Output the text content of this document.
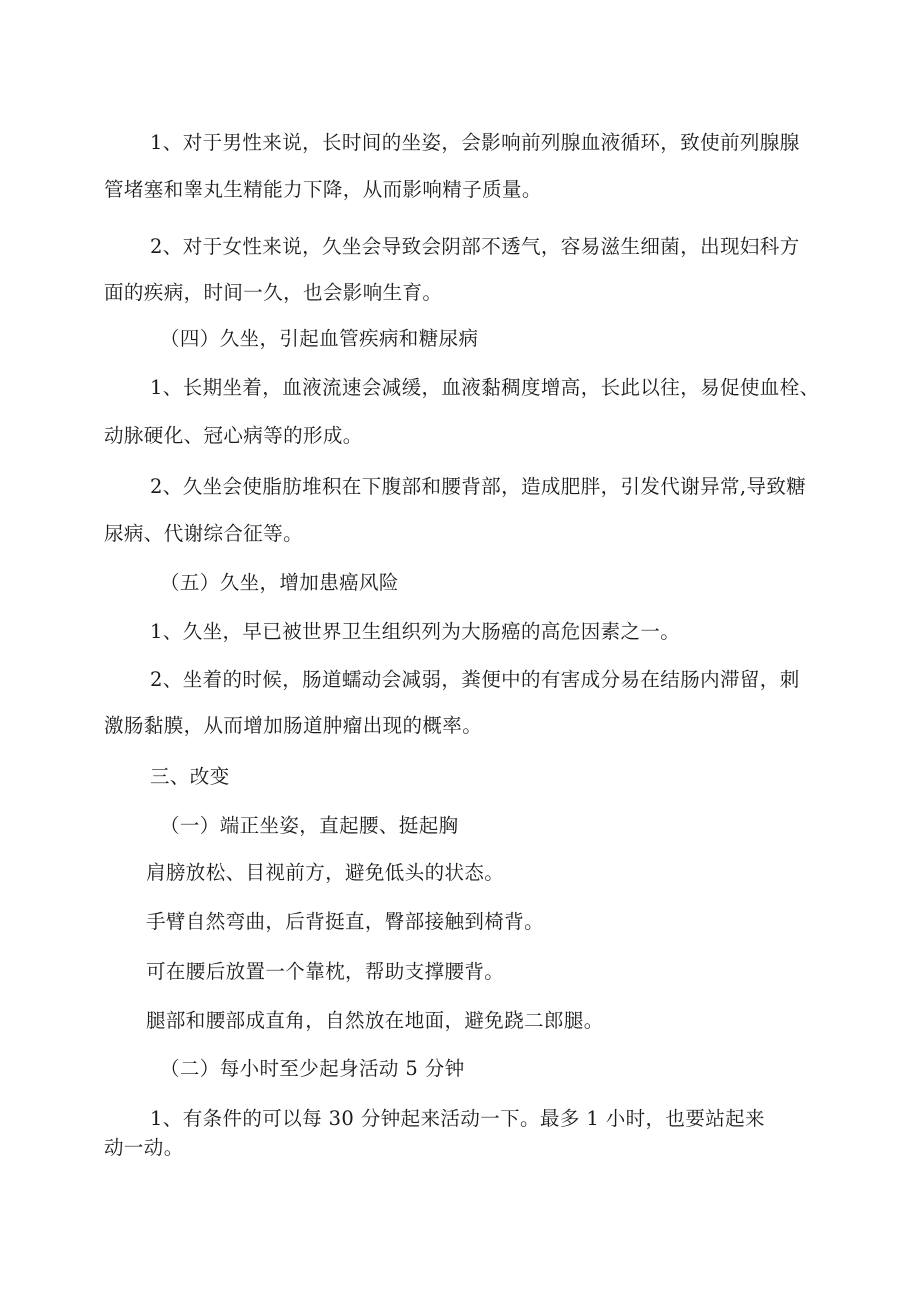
1、对于男性来说，长时间的坐姿，会影响前列腺血液循环，致使前列腺腺
管堵塞和睾丸生精能力下降，从而影响精子质量。
2、对于女性来说，久坐会导致会阴部不透气，容易滋生细菌，出现妇科方
面的疾病，时间一久，也会影响生育。
（四）久坐，引起血管疾病和糖尿病
1、长期坐着，血液流速会减缓，血液黏稠度增高，长此以往，易促使血栓、
动脉硬化、冠心病等的形成。
2、久坐会使脂肪堆积在下腹部和腰背部，造成肥胖，引发代谢异常,导致糖
尿病、代谢综合征等。
（五）久坐，增加患癌风险
1、久坐，早已被世界卫生组织列为大肠癌的高危因素之一。
2、坐着的时候，肠道蠕动会减弱，粪便中的有害成分易在结肠内滞留，刺
激肠黏膜，从而增加肠道肿瘤出现的概率。
三、改变
（一）端正坐姿，直起腰、挺起胸
肩膀放松、目视前方，避免低头的状态。
手臂自然弯曲，后背挺直，臀部接触到椅背。
可在腰后放置一个靠枕，帮助支撑腰背。
腿部和腰部成直角，自然放在地面，避免跷二郎腿。
（二）每小时至少起身活动 5 分钟
1、有条件的可以每 30 分钟起来活动一下。最多 1 小时，也要站起来
动一动。
